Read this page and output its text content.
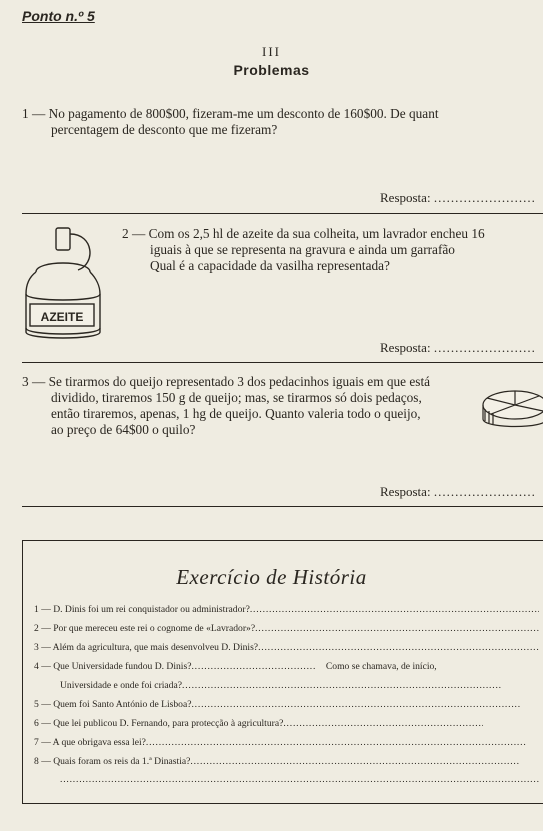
Ponto n.º 5
III
Problemas
1 — No pagamento de 800$00, fizeram-me um desconto de 160$00. De quant
percentagem de desconto que me fizeram?
Resposta: .....
AZEITE
2 — Com os 2,5 hl de azeite da sua colheita, um lavrador encheu 16
iguais à que se representa na gravura e ainda um garrafão
Qual é a capacidade da vasilha representada?
Resposta: .....
3 — Se tirarmos do queijo representado 3 dos pedacinhos iguais em que está
dividido, tiraremos 150 g de queijo; mas, se tirarmos só dois pedaços,
então tiraremos, apenas, 1 hg de queijo. Quanto valeria todo o queijo,
ao preço de 64$00 o quilo?
Resposta: .....
Exercício de História
1 — D. Dinis foi um rei conquistador ou administrador?.....
2 — Por que mereceu este rei o cognome de «Lavrador»?.....
3 — Além da agricultura, que mais desenvolveu D. Dinis?.....
4 — Que Universidade fundou D. Dinis?.....	Como se chamava, de início,
Universidade e onde foi criada?.....
5 — Quem foi Santo António de Lisboa?.....
6 — Que lei publicou D. Fernando, para protecção à agricultura?.....
7 — A que obrigava essa lei?.....
8 — Quais foram os reis da 1.ª Dinastia?.....
.....
